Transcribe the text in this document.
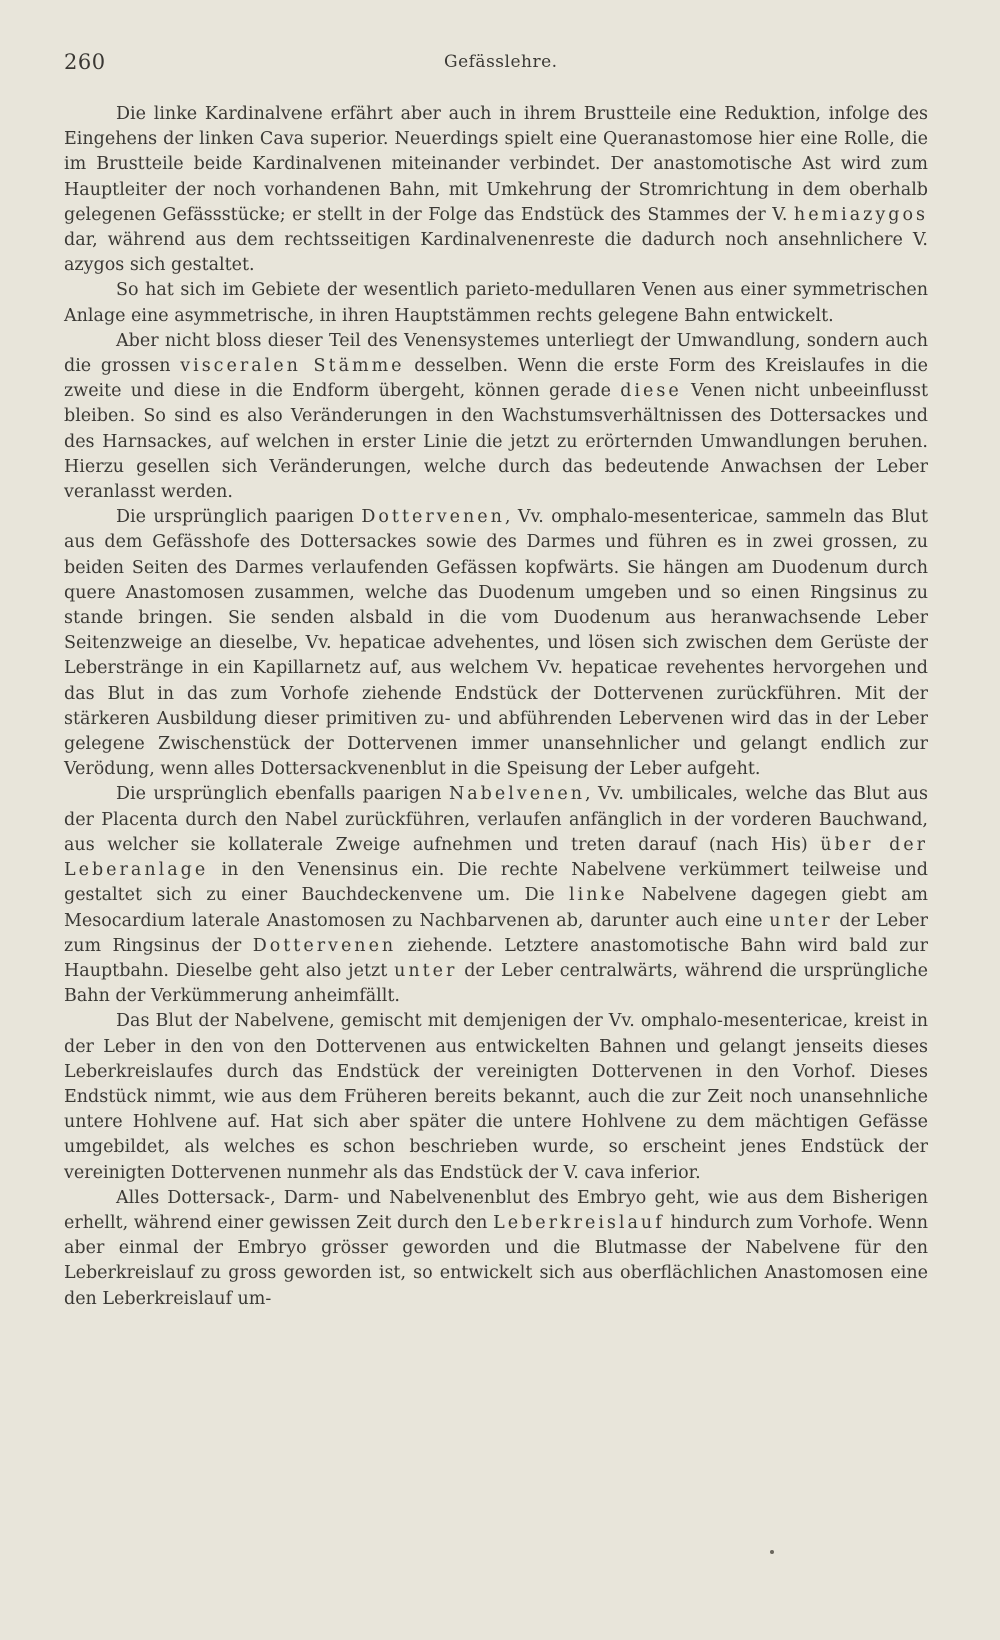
260	Gefässlehre.

Die linke Kardinalvene erfährt aber auch in ihrem Brustteile eine Reduktion, infolge des Eingehens der linken Cava superior. Neuerdings spielt eine Queranastomose hier eine Rolle, die im Brustteile beide Kardinalvenen miteinander verbindet. Der anastomotische Ast wird zum Hauptleiter der noch vorhandenen Bahn, mit Umkehrung der Stromrichtung in dem oberhalb gelegenen Gefässstücke; er stellt in der Folge das Endstück des Stammes der V. hemiazygos dar, während aus dem rechtsseitigen Kardinalvenenreste die dadurch noch ansehnlichere V. azygos sich gestaltet.

So hat sich im Gebiete der wesentlich parieto-medullaren Venen aus einer symmetrischen Anlage eine asymmetrische, in ihren Hauptstämmen rechts gelegene Bahn entwickelt.

Aber nicht bloss dieser Teil des Venensystemes unterliegt der Umwandlung, sondern auch die grossen visceralen Stämme desselben. Wenn die erste Form des Kreislaufes in die zweite und diese in die Endform übergeht, können gerade diese Venen nicht unbeeinflusst bleiben. So sind es also Veränderungen in den Wachstumsverhältnissen des Dottersackes und des Harnsackes, auf welchen in erster Linie die jetzt zu erörternden Umwandlungen beruhen. Hierzu gesellen sich Veränderungen, welche durch das bedeutende Anwachsen der Leber veranlasst werden.

Die ursprünglich paarigen Dottervenen, Vv. omphalo-mesentericae, sammeln das Blut aus dem Gefässhofe des Dottersackes sowie des Darmes und führen es in zwei grossen, zu beiden Seiten des Darmes verlaufenden Gefässen kopfwärts. Sie hängen am Duodenum durch quere Anastomosen zusammen, welche das Duodenum umgeben und so einen Ringsinus zu stande bringen. Sie senden alsbald in die vom Duodenum aus heranwachsende Leber Seitenzweige an dieselbe, Vv. hepaticae advehentes, und lösen sich zwischen dem Gerüste der Leberstränge in ein Kapillarnetz auf, aus welchem Vv. hepaticae revehentes hervorgehen und das Blut in das zum Vorhofe ziehende Endstück der Dottervenen zurückführen. Mit der stärkeren Ausbildung dieser primitiven zu- und abführenden Lebervenen wird das in der Leber gelegene Zwischenstück der Dottervenen immer unansehnlicher und gelangt endlich zur Verödung, wenn alles Dottersackvenenblut in die Speisung der Leber aufgeht.

Die ursprünglich ebenfalls paarigen Nabelvenen, Vv. umbilicales, welche das Blut aus der Placenta durch den Nabel zurückführen, verlaufen anfänglich in der vorderen Bauchwand, aus welcher sie kollaterale Zweige aufnehmen und treten darauf (nach His) über der Leberanlage in den Venensinus ein. Die rechte Nabelvene verkümmert teilweise und gestaltet sich zu einer Bauchdeckenvene um. Die linke Nabelvene dagegen giebt am Mesocardium laterale Anastomosen zu Nachbarvenen ab, darunter auch eine unter der Leber zum Ringsinus der Dottervenen ziehende. Letztere anastomotische Bahn wird bald zur Hauptbahn. Dieselbe geht also jetzt unter der Leber centralwärts, während die ursprüngliche Bahn der Verkümmerung anheimfällt.

Das Blut der Nabelvene, gemischt mit demjenigen der Vv. omphalo-mesentericae, kreist in der Leber in den von den Dottervenen aus entwickelten Bahnen und gelangt jenseits dieses Leberkreislaufes durch das Endstück der vereinigten Dottervenen in den Vorhof. Dieses Endstück nimmt, wie aus dem Früheren bereits bekannt, auch die zur Zeit noch unansehnliche untere Hohlvene auf. Hat sich aber später die untere Hohlvene zu dem mächtigen Gefässe umgebildet, als welches es schon beschrieben wurde, so erscheint jenes Endstück der vereinigten Dottervenen nunmehr als das Endstück der V. cava inferior.

Alles Dottersack-, Darm- und Nabelvenenblut des Embryo geht, wie aus dem Bisherigen erhellt, während einer gewissen Zeit durch den Leberkreislauf hindurch zum Vorhofe. Wenn aber einmal der Embryo grösser geworden und die Blutmasse der Nabelvene für den Leberkreislauf zu gross geworden ist, so entwickelt sich aus oberflächlichen Anastomosen eine den Leberkreislauf um-
